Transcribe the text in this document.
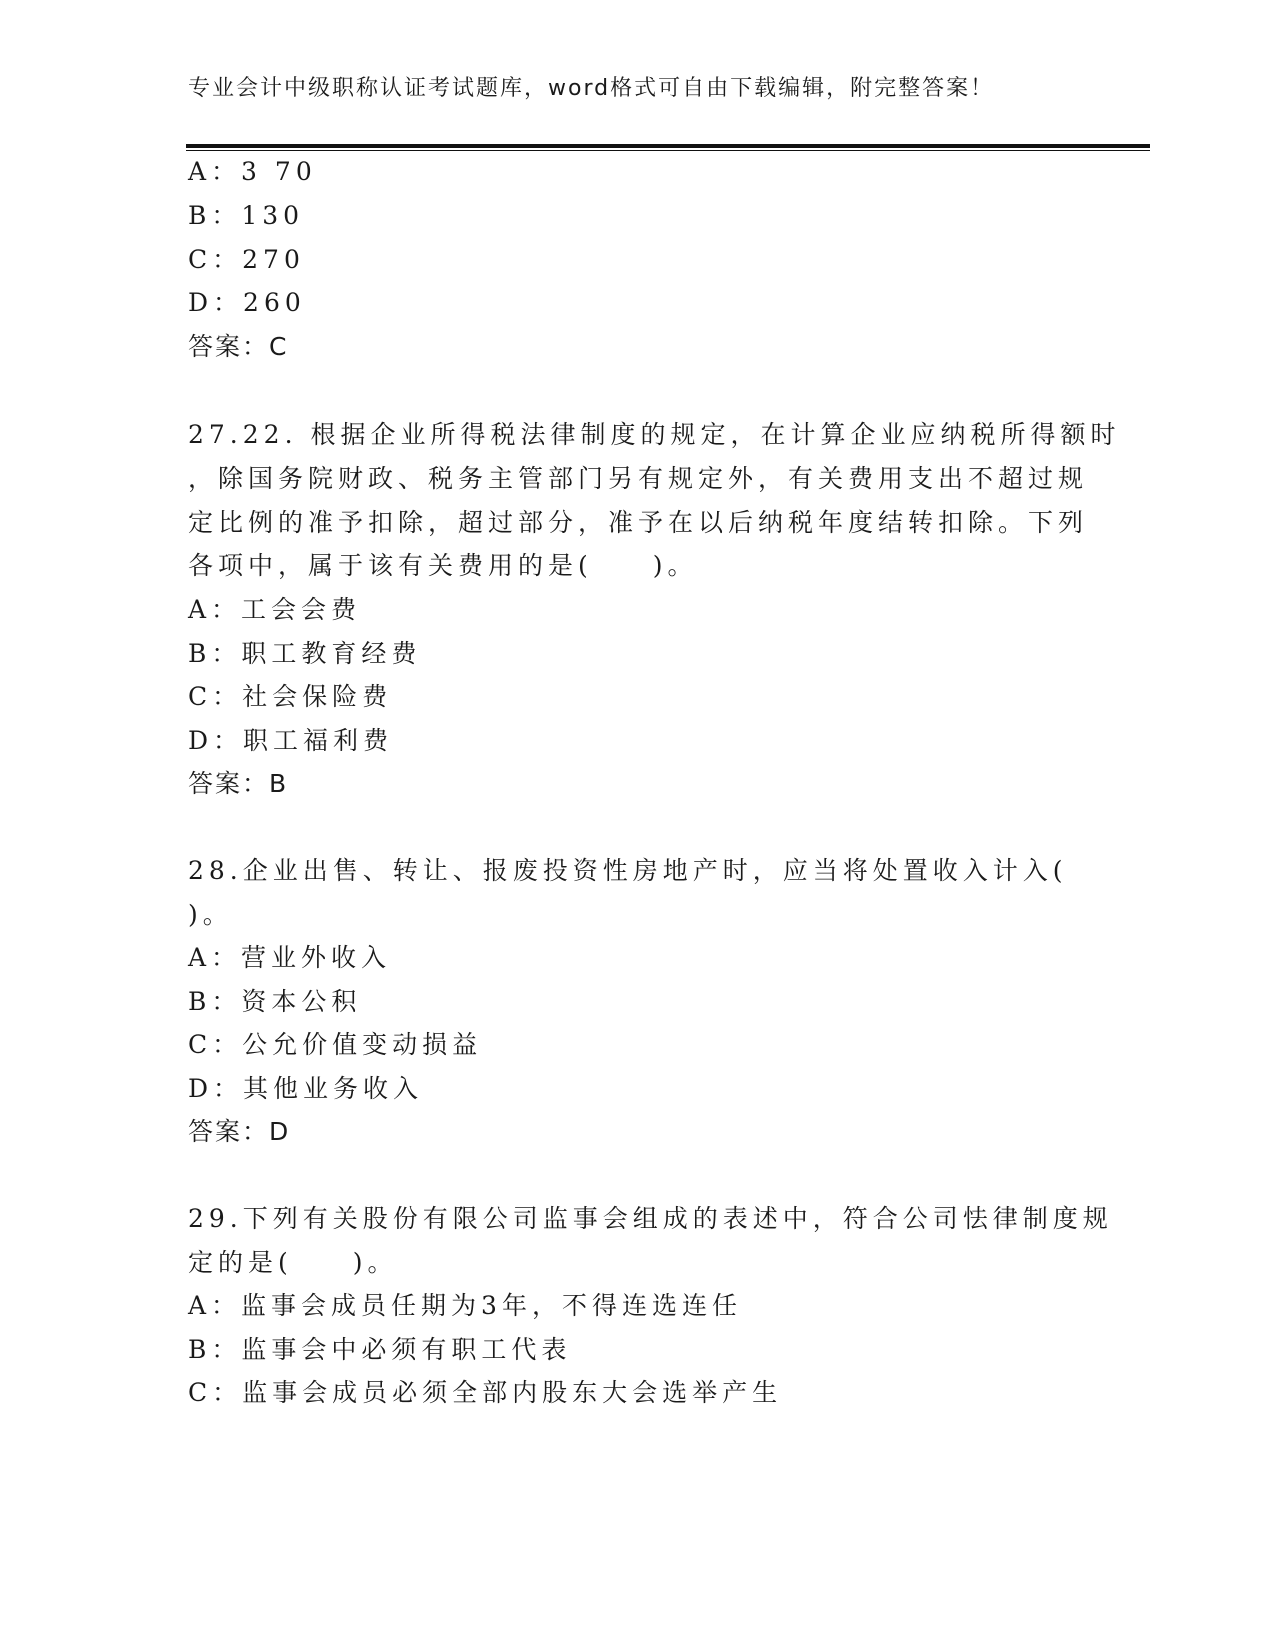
专业会计中级职称认证考试题库，word格式可自由下载编辑，附完整答案！
A：3 70
B：130
C：270
D：260
答案：C
27.22. 根据企业所得税法律制度的规定，在计算企业应纳税所得额时
，除国务院财政、税务主管部门另有规定外，有关费用支出不超过规
定比例的准予扣除，超过部分，准予在以后纳税年度结转扣除。下列
各项中，属于该有关费用的是(　　)。
A：工会会费
B：职工教育经费
C：社会保险费
D：职工福利费
答案：B
28.企业出售、转让、报废投资性房地产时，应当将处置收入计入(
)。
A：营业外收入
B：资本公积
C：公允价值变动损益
D：其他业务收入
答案：D
29.下列有关股份有限公司监事会组成的表述中，符合公司怯律制度规
定的是(　　)。
A：监事会成员任期为3年，不得连选连任
B：监事会中必须有职工代表
C：监事会成员必须全部内股东大会选举产生
